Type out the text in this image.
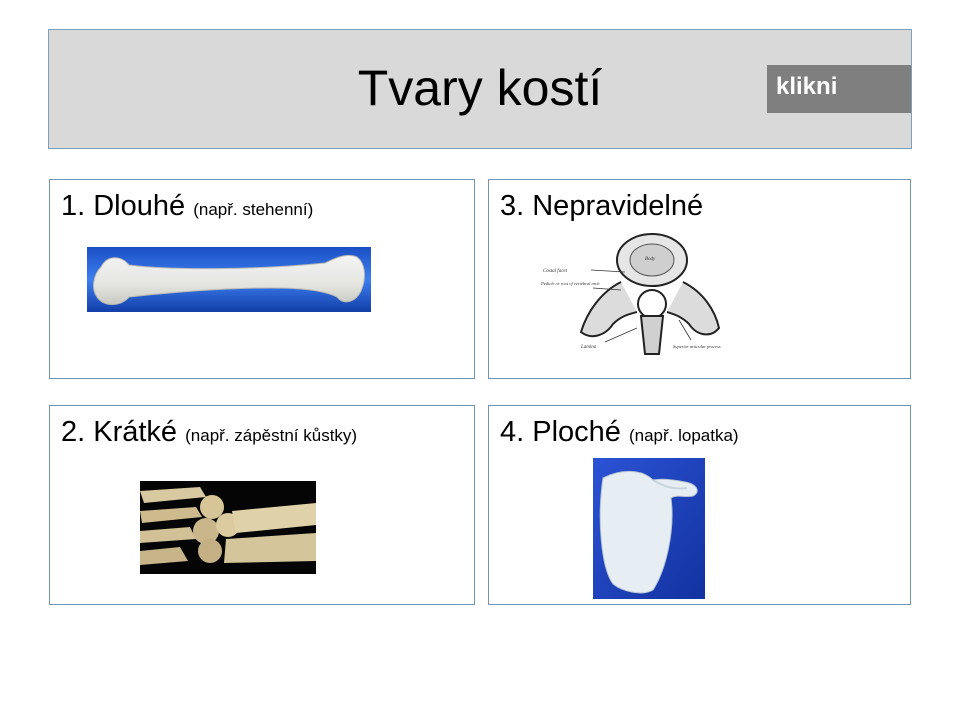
Tvary kostí	klikni
1. Dlouhé (např. stehenní)	3. Nepravidelné
Costal facet
Pedicle or root of vertebral arch
Body
Lamina	Superior articular process
2. Krátké (např. zápěstní kůstky)	4. Ploché (např. lopatka)
